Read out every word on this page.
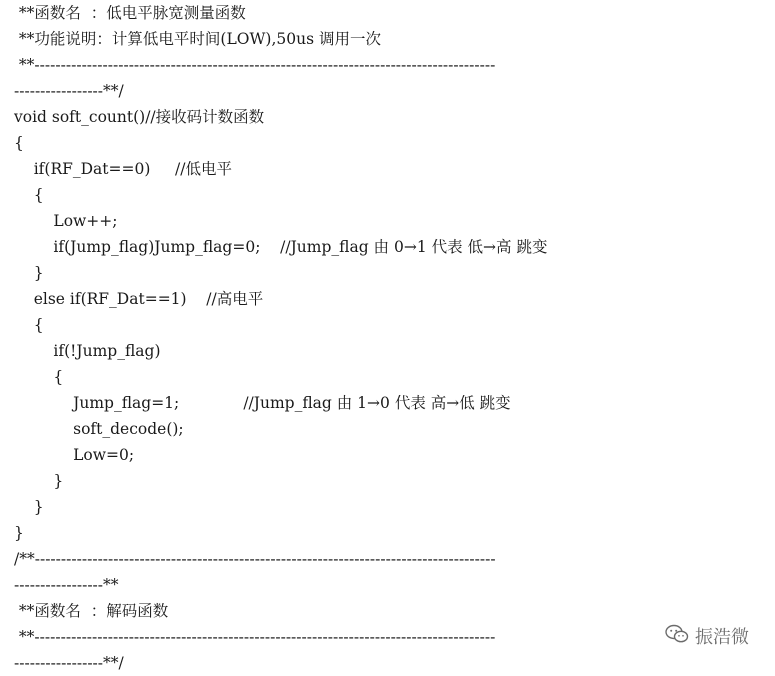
**函数名  ：低电平脉宽测量函数
**功能说明：计算低电平时间(LOW),50us 调用一次
**----------------------------------------------------------------------------------------
-----------------**/
void soft_count()//接收码计数函数
{
if(RF_Dat==0)     //低电平
{
Low++;
if(Jump_flag)Jump_flag=0;    //Jump_flag 由 0→1 代表 低→高 跳变
}
else if(RF_Dat==1)    //高电平
{
if(!Jump_flag)
{
Jump_flag=1;             //Jump_flag 由 1→0 代表 高→低 跳变
soft_decode();
Low=0;
}
}
}
/**----------------------------------------------------------------------------------------
-----------------**
**函数名  ：解码函数
**----------------------------------------------------------------------------------------
-----------------**/
振浩微
